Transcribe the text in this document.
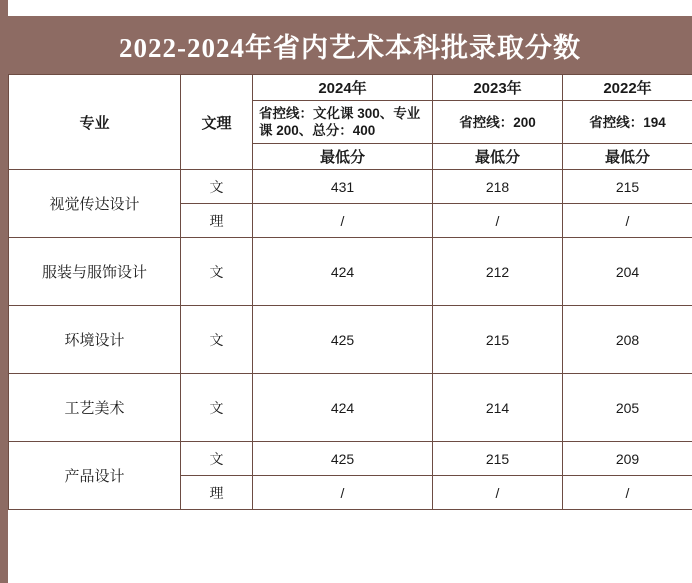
2022-2024年省内艺术本科批录取分数
专业	文理	2024年	2023年	2022年
		省控线：文化课 300、专业课 200、总分：400	省控线：200	省控线：194
		最低分	最低分	最低分
视觉传达设计	文	431	218	215
	理	/	/	/
服装与服饰设计	文	424	212	204
环境设计	文	425	215	208
工艺美术	文	424	214	205
产品设计	文	425	215	209
	理	/	/	/
